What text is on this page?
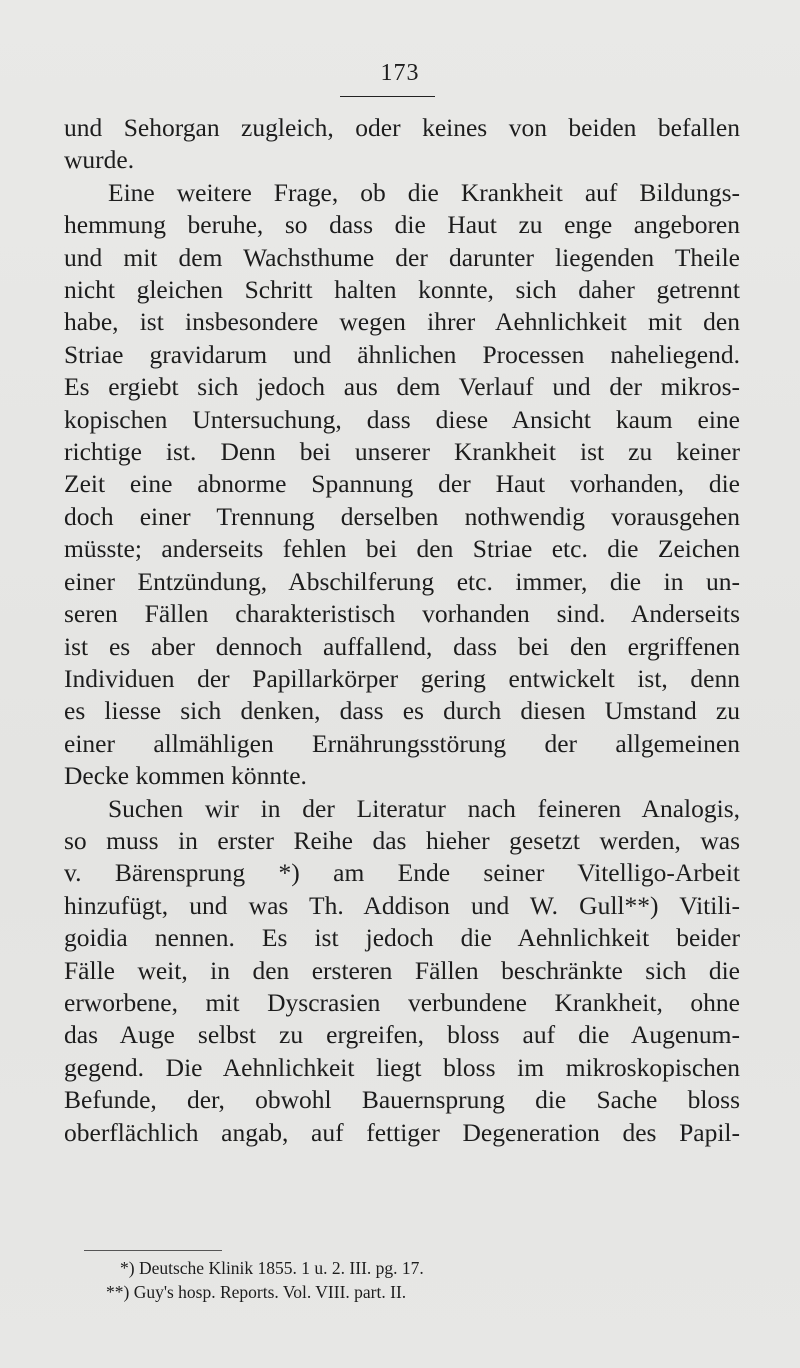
173
und Sehorgan zugleich, oder keines von beiden befallen
wurde.
Eine weitere Frage, ob die Krankheit auf Bildungs-
hemmung beruhe, so dass die Haut zu enge angeboren
und mit dem Wachsthume der darunter liegenden Theile
nicht gleichen Schritt halten konnte, sich daher getrennt
habe, ist insbesondere wegen ihrer Aehnlichkeit mit den
Striae gravidarum und ähnlichen Processen naheliegend.
Es ergiebt sich jedoch aus dem Verlauf und der mikros-
kopischen Untersuchung, dass diese Ansicht kaum eine
richtige ist. Denn bei unserer Krankheit ist zu keiner
Zeit eine abnorme Spannung der Haut vorhanden, die
doch einer Trennung derselben nothwendig vorausgehen
müsste; anderseits fehlen bei den Striae etc. die Zeichen
einer Entzündung, Abschilferung etc. immer, die in un-
seren Fällen charakteristisch vorhanden sind. Anderseits
ist es aber dennoch auffallend, dass bei den ergriffenen
Individuen der Papillarkörper gering entwickelt ist, denn
es liesse sich denken, dass es durch diesen Umstand zu
einer allmähligen Ernährungsstörung der allgemeinen
Decke kommen könnte.
Suchen wir in der Literatur nach feineren Analogis,
so muss in erster Reihe das hieher gesetzt werden, was
v. Bärensprung *) am Ende seiner Vitelligo-Arbeit
hinzufügt, und was Th. Addison und W. Gull**) Vitili-
goidia nennen. Es ist jedoch die Aehnlichkeit beider
Fälle weit, in den ersteren Fällen beschränkte sich die
erworbene, mit Dyscrasien verbundene Krankheit, ohne
das Auge selbst zu ergreifen, bloss auf die Augenum-
gegend. Die Aehnlichkeit liegt bloss im mikroskopischen
Befunde, der, obwohl Bauernsprung die Sache bloss
oberflächlich angab, auf fettiger Degeneration des Papil-
*) Deutsche Klinik 1855. 1 u. 2. III. pg. 17.
**) Guy's hosp. Reports. Vol. VIII. part. II.
